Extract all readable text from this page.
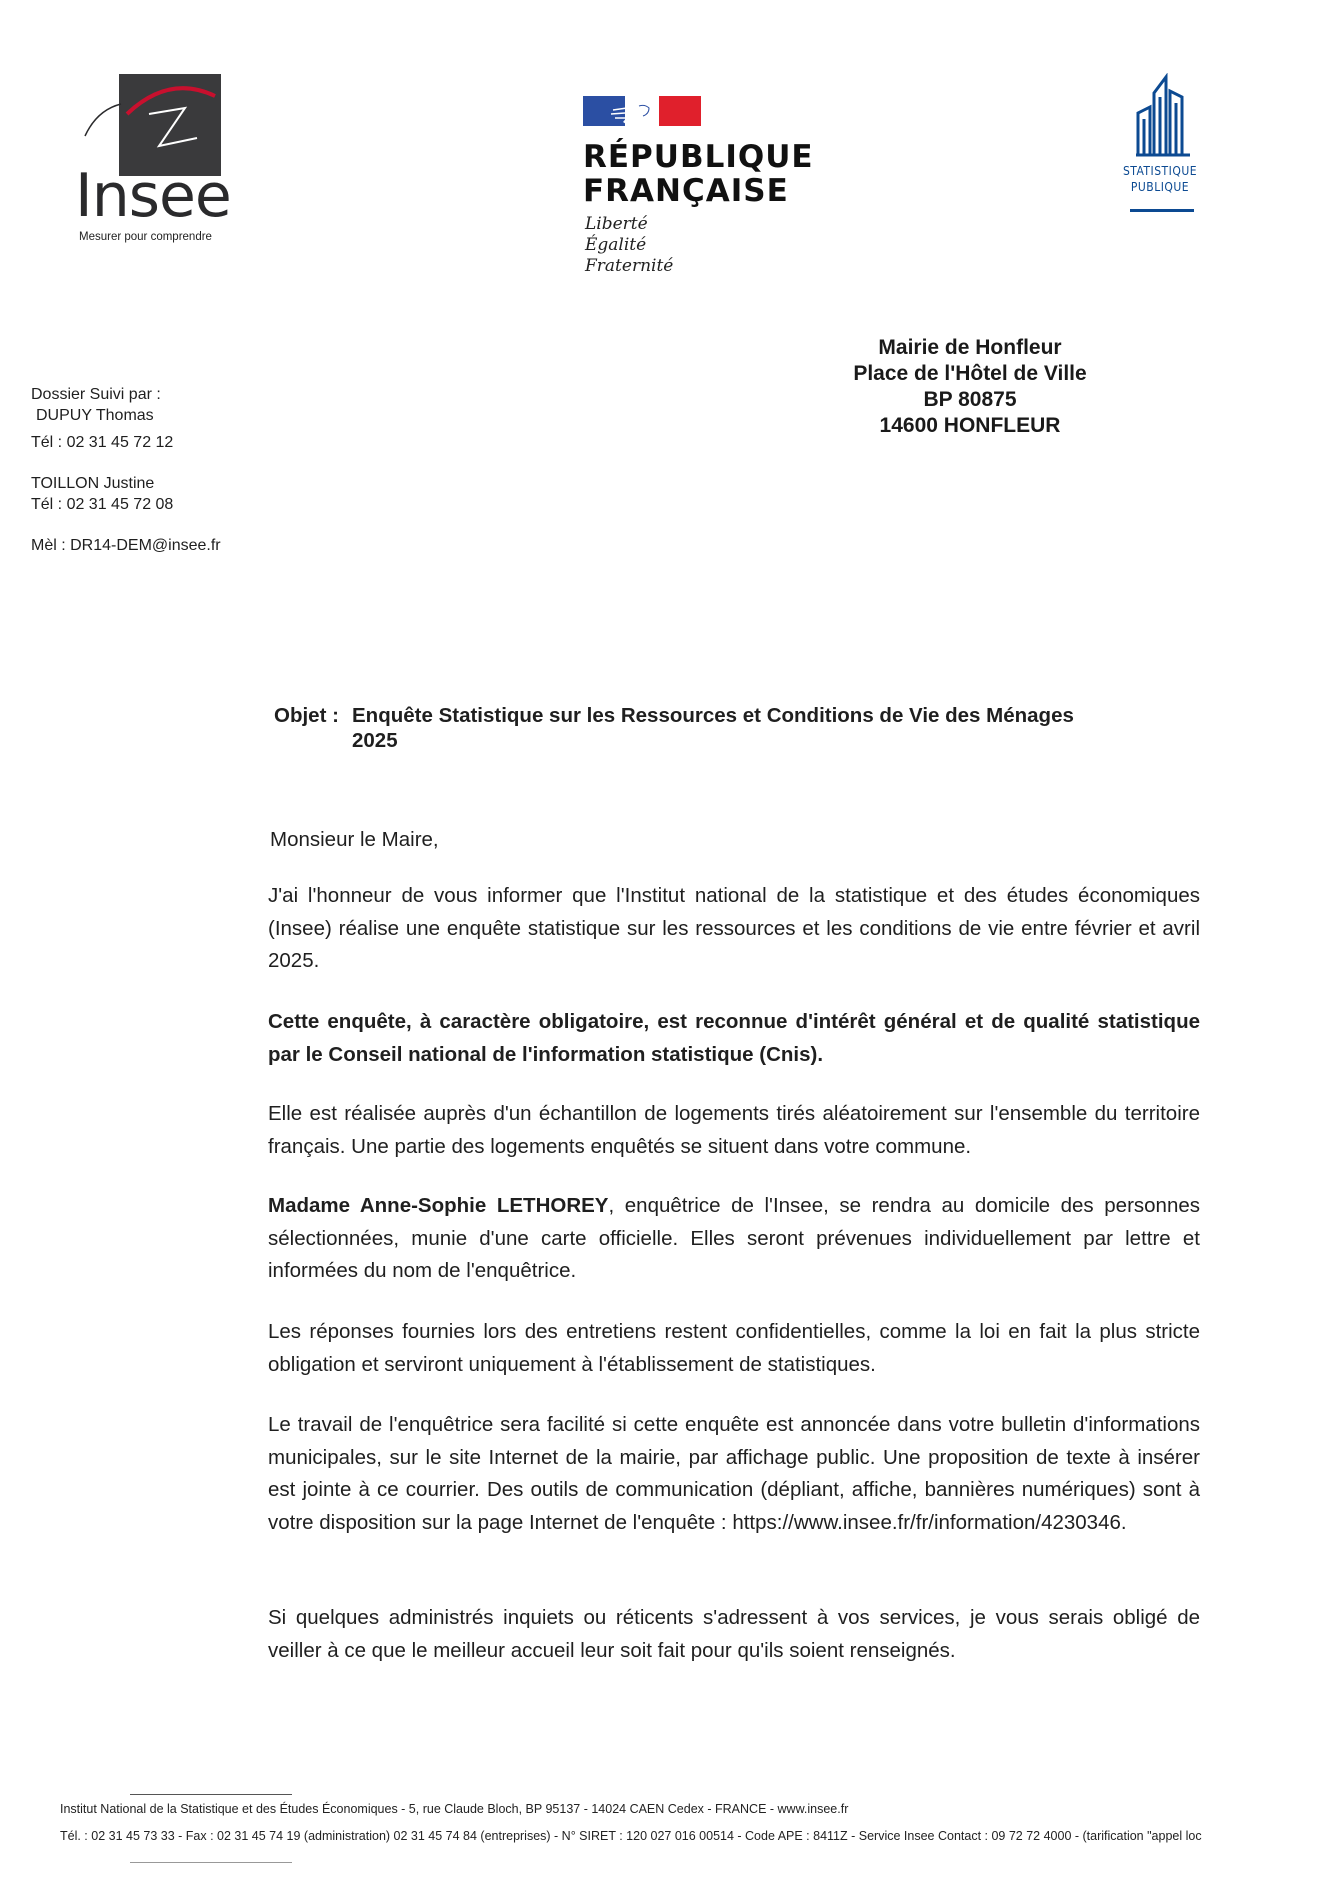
Insee
Mesurer pour comprendre
RÉPUBLIQUE
FRANÇAISE
Liberté
Égalité
Fraternité
STATISTIQUE
PUBLIQUE
Mairie de Honfleur
Place de l'Hôtel de Ville
BP 80875
14600 HONFLEUR
Dossier Suivi par :
DUPUY Thomas
Tél : 02 31 45 72 12
TOILLON Justine
Tél : 02 31 45 72 08
Mèl : DR14-DEM@insee.fr
Objet : Enquête Statistique sur les Ressources et Conditions de Vie des Ménages
2025
Monsieur le Maire,
J'ai l'honneur de vous informer que l'Institut national de la statistique et des études économiques (Insee) réalise une enquête statistique sur les ressources et les conditions de vie entre février et avril 2025.
Cette enquête, à caractère obligatoire, est reconnue d'intérêt général et de qualité statistique par le Conseil national de l'information statistique (Cnis).
Elle est réalisée auprès d'un échantillon de logements tirés aléatoirement sur l'ensemble du territoire français. Une partie des logements enquêtés se situent dans votre commune.
Madame Anne-Sophie LETHOREY, enquêtrice de l'Insee, se rendra au domicile des personnes sélectionnées, munie d'une carte officielle. Elles seront prévenues individuellement par lettre et informées du nom de l'enquêtrice.
Les réponses fournies lors des entretiens restent confidentielles, comme la loi en fait la plus stricte obligation et serviront uniquement à l'établissement de statistiques.
Le travail de l'enquêtrice sera facilité si cette enquête est annoncée dans votre bulletin d'informations municipales, sur le site Internet de la mairie, par affichage public. Une proposition de texte à insérer est jointe à ce courrier. Des outils de communication (dépliant, affiche, bannières numériques) sont à votre disposition sur la page Internet de l'enquête : https://www.insee.fr/fr/information/4230346.
Si quelques administrés inquiets ou réticents s'adressent à vos services, je vous serais obligé de veiller à ce que le meilleur accueil leur soit fait pour qu'ils soient renseignés.
Institut National de la Statistique et des Études Économiques - 5, rue Claude Bloch, BP 95137 - 14024 CAEN Cedex - FRANCE - www.insee.fr
Tél. : 02 31 45 73 33 - Fax : 02 31 45 74 19 (administration) 02 31 45 74 84 (entreprises) - N° SIRET : 120 027 016 00514 - Code APE : 8411Z - Service Insee Contact : 09 72 72 4000 - (tarification "appel loc
